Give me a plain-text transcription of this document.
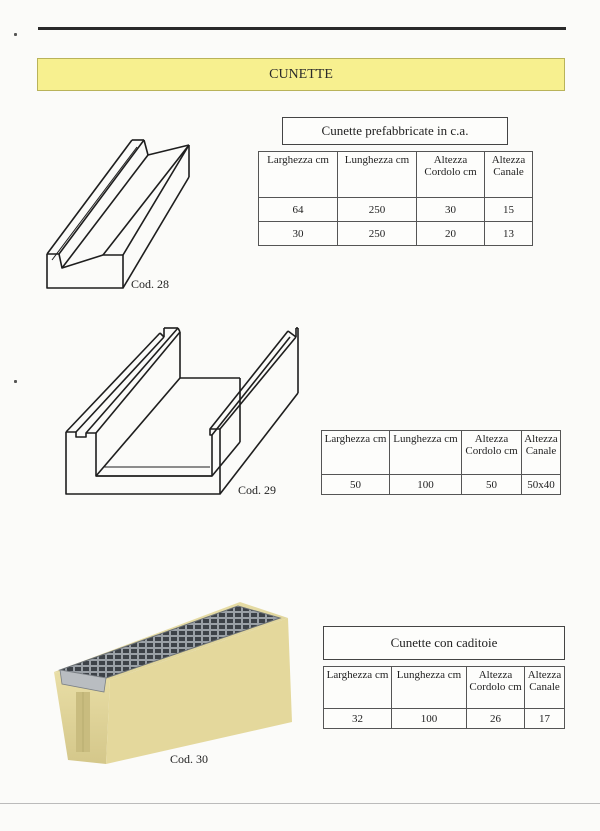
CUNETTE
Cod. 28
Cunette prefabbricate in c.a.
Larghezza cm	Lunghezza cm	Altezza Cordolo cm	Altezza Canale
64	250	30	15
30	250	20	13
Cod. 29
Larghezza cm	Lunghezza cm	Altezza Cordolo cm	Altezza Canale
50	100	50	50x40
Cod. 30
Cunette con caditoie
Larghezza cm	Lunghezza cm	Altezza Cordolo cm	Altezza Canale
32	100	26	17
